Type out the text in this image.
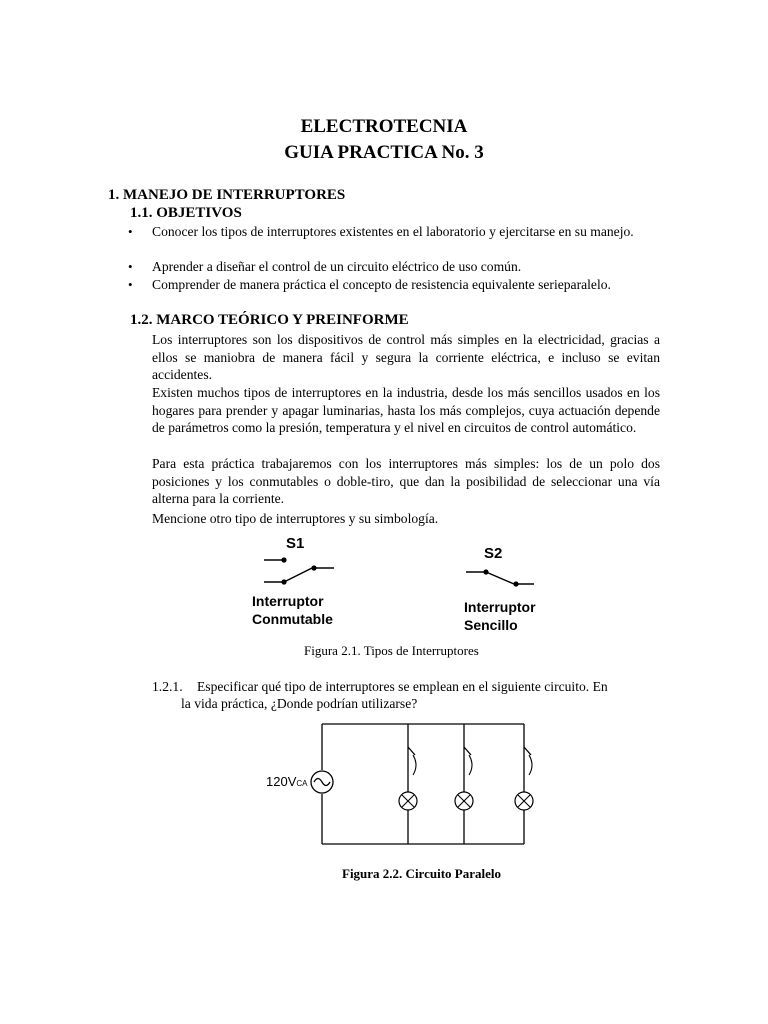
ELECTROTECNIA
GUIA PRACTICA No. 3
1. MANEJO DE INTERRUPTORES
1.1. OBJETIVOS
• Conocer los tipos de interruptores existentes en el laboratorio y ejercitarse en su manejo.
• Aprender a diseñar el control de un circuito eléctrico de uso común.
• Comprender de manera práctica el concepto de resistencia equivalente serieparalelo.
1.2. MARCO TEÓRICO Y PREINFORME
Los interruptores son los dispositivos de control más simples en la electricidad, gracias a ellos se maniobra de manera fácil y segura la corriente eléctrica, e incluso se evitan accidentes.
Existen muchos tipos de interruptores en la industria, desde los más sencillos usados en los hogares para prender y apagar luminarias, hasta los más complejos, cuya actuación depende de parámetros como la presión, temperatura y el nivel en circuitos de control automático.
Para esta práctica trabajaremos con los interruptores más simples: los de un polo dos posiciones y los conmutables o doble-tiro, que dan la posibilidad de seleccionar una vía alterna para la corriente.
Mencione otro tipo de interruptores y su simbología.
S1
Interruptor
Conmutable
S2
Interruptor
Sencillo
Figura 2.1. Tipos de Interruptores
1.2.1. Especificar qué tipo de interruptores se emplean en el siguiente circuito. En
la vida práctica, ¿Donde podrían utilizarse?
120VCA
Figura 2.2. Circuito Paralelo
